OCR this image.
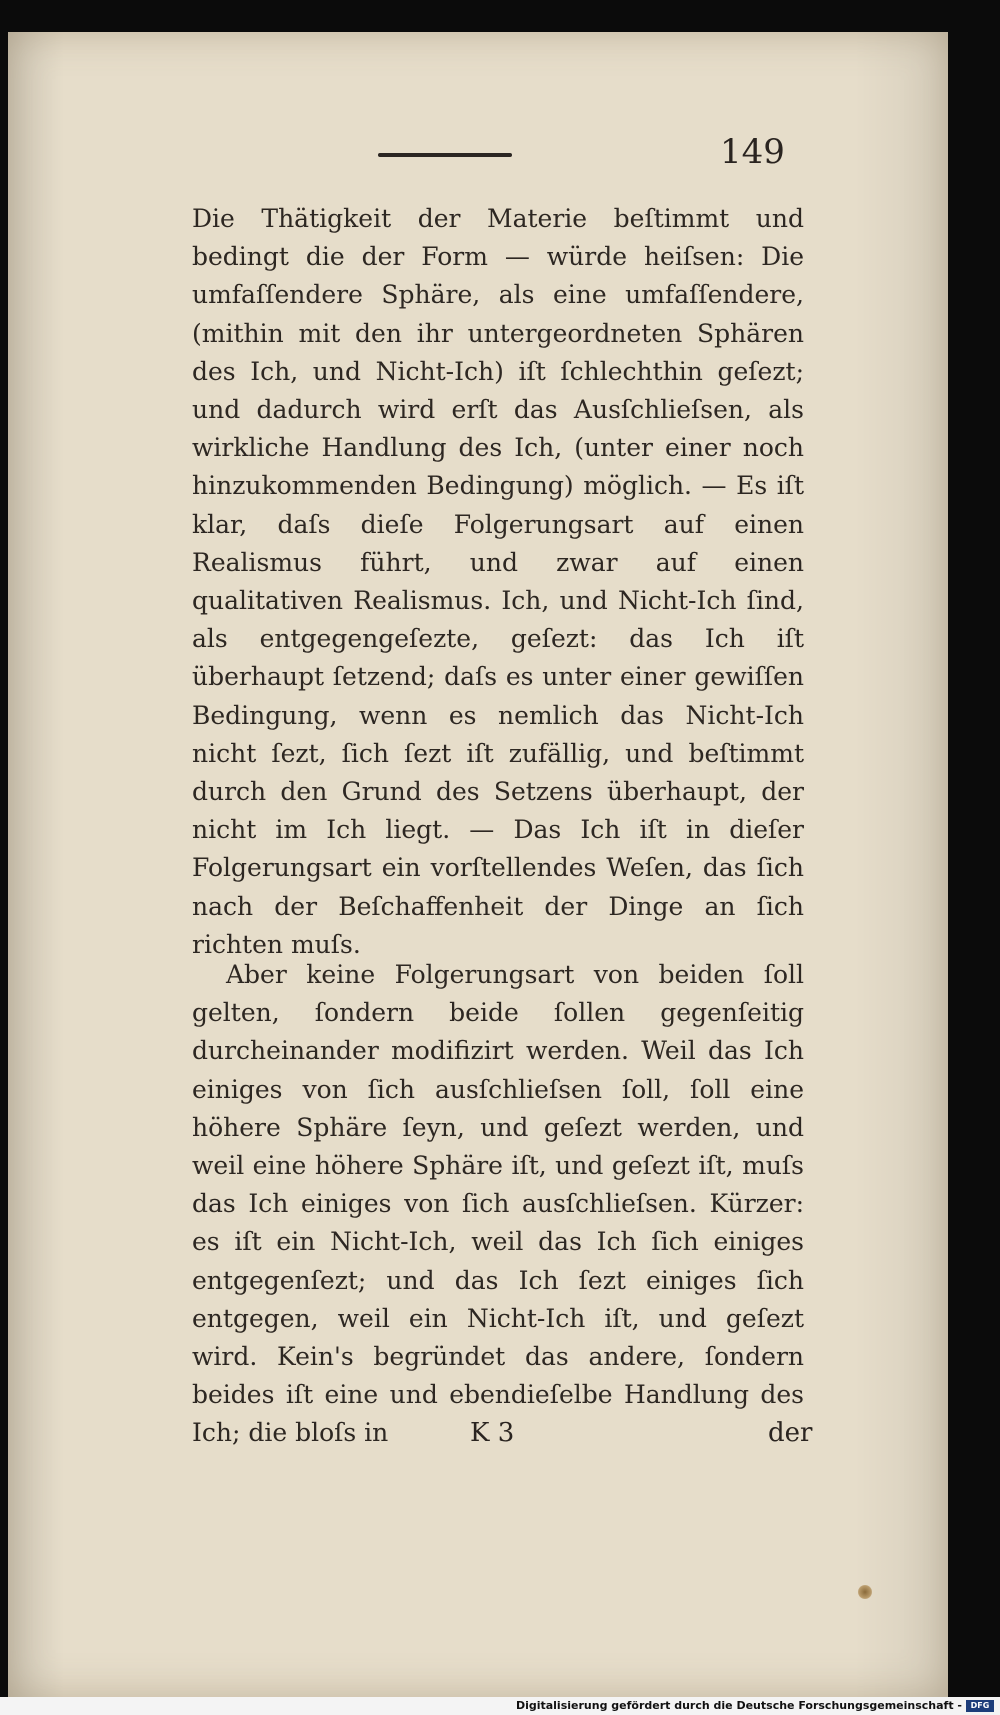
149
Die Thätigkeit der Materie beſtimmt und bedingt die der Form — würde heiſsen: Die umfaſſendere Sphäre, als eine umfaſſendere, (mithin mit den ihr untergeordneten Sphären des Ich, und Nicht-Ich) iſt ſchlechthin geſezt; und dadurch wird erſt das Ausſchlieſsen, als wirkliche Handlung des Ich, (unter einer noch hinzukommenden Bedingung) möglich. — Es iſt klar, daſs dieſe Folgerungsart auf einen Realismus führt, und zwar auf einen qualitativen Realismus. Ich, und Nicht-Ich ſind, als entgegengeſezte, geſezt: das Ich iſt überhaupt ſetzend; daſs es unter einer gewiſſen Bedingung, wenn es nemlich das Nicht-Ich nicht ſezt, ſich ſezt iſt zufällig, und beſtimmt durch den Grund des Setzens überhaupt, der nicht im Ich liegt. — Das Ich iſt in dieſer Folgerungsart ein vorſtellendes Weſen, das ſich nach der Beſchaffenheit der Dinge an ſich richten muſs.
Aber keine Folgerungsart von beiden ſoll gelten, ſondern beide ſollen gegenſeitig durcheinander modifizirt werden. Weil das Ich einiges von ſich ausſchlieſsen ſoll, ſoll eine höhere Sphäre ſeyn, und geſezt werden, und weil eine höhere Sphäre iſt, und geſezt iſt, muſs das Ich einiges von ſich ausſchlieſsen. Kürzer: es iſt ein Nicht-Ich, weil das Ich ſich einiges entgegenſezt; und das Ich ſezt einiges ſich entgegen, weil ein Nicht-Ich iſt, und geſezt wird. Kein's begründet das andere, ſondern beides iſt eine und ebendieſelbe Handlung des Ich; die bloſs in	K 3	der
Digitalisierung gefördert durch die Deutsche Forschungsgemeinschaft -	DFG
